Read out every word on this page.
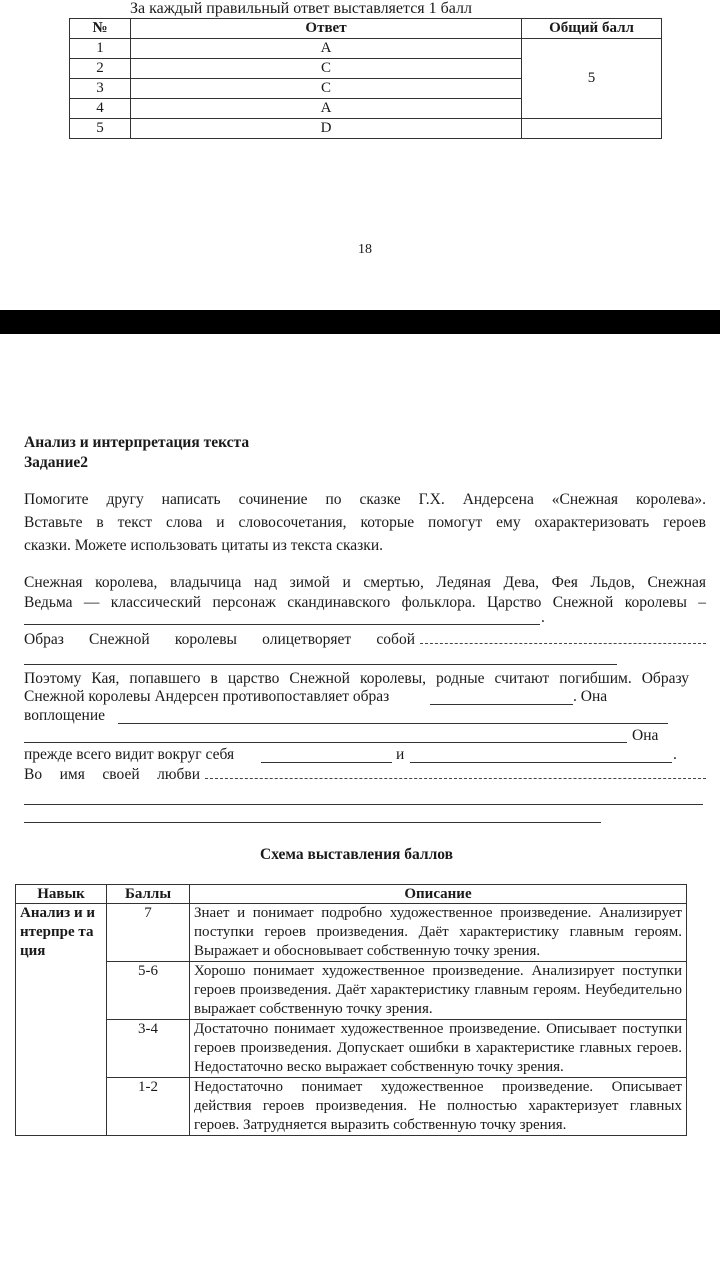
За каждый правильный ответ выставляется 1 балл
№	Ответ	Общий балл
1	A	5
2	C	
3	C	
4	A	
5	D	
18
Анализ и интерпретация текста
Задание2
Помогите другу написать сочинение по сказке Г.Х. Андерсена «Снежная королева».
Вставьте в текст слова и словосочетания, которые помогут ему охарактеризовать героев
сказки. Можете использовать цитаты из текста сказки.
Снежная королева, владычица над зимой и смертью, Ледяная Дева, Фея Льдов, Снежная
Ведьма — классический персонаж скандинавского фольклора. Царство Снежной королевы –
.
Образ Снежной королевы олицетворяет собой
Поэтому Кая, попавшего в царство Снежной королевы, родные считают погибшим. Образу
Снежной королевы Андерсен противопоставляет образ	. Она
воплощение
Она
прежде всего видит вокруг себя	и	.
Во имя своей любви
Схема выставления баллов
Навык	Баллы	Описание
Анализ и интерпре тация	7	Знает и понимает подробно художественное произведение. Анализирует поступки героев произведения. Даёт характеристику главным героям. Выражает и обосновывает собственную точку зрения.
	5-6	Хорошо понимает художественное произведение. Анализирует поступки героев произведения. Даёт характеристику главным героям. Неубедительно выражает собственную точку зрения.
	3-4	Достаточно понимает художественное произведение. Описывает поступки героев произведения. Допускает ошибки в характеристике главных героев. Недостаточно веско выражает собственную точку зрения.
	1-2	Недостаточно понимает художественное произведение. Описывает действия героев произведения. Не полностью характеризует главных героев. Затрудняется выразить собственную точку зрения.
